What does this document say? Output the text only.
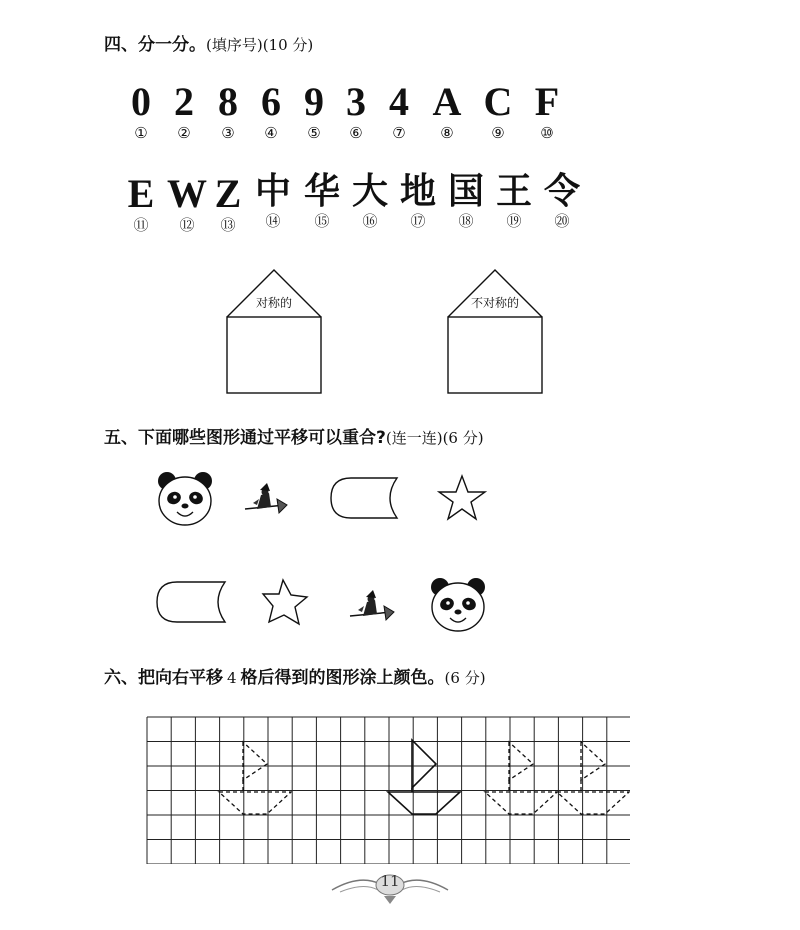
四、分一分。(填序号)(10 分)
0
①
2
②
8
③
6
④
9
⑤
3
⑥
4
⑦
A
⑧
C
⑨
F
⑩
E
⑪
W
⑫
Z
⑬
中
⑭
华
⑮
大
⑯
地
⑰
国
⑱
王
⑲
令
⑳
对称的	不对称的
五、下面哪些图形通过平移可以重合?(连一连)(6 分)
六、把向右平移 4 格后得到的图形涂上颜色。(6 分)
11
